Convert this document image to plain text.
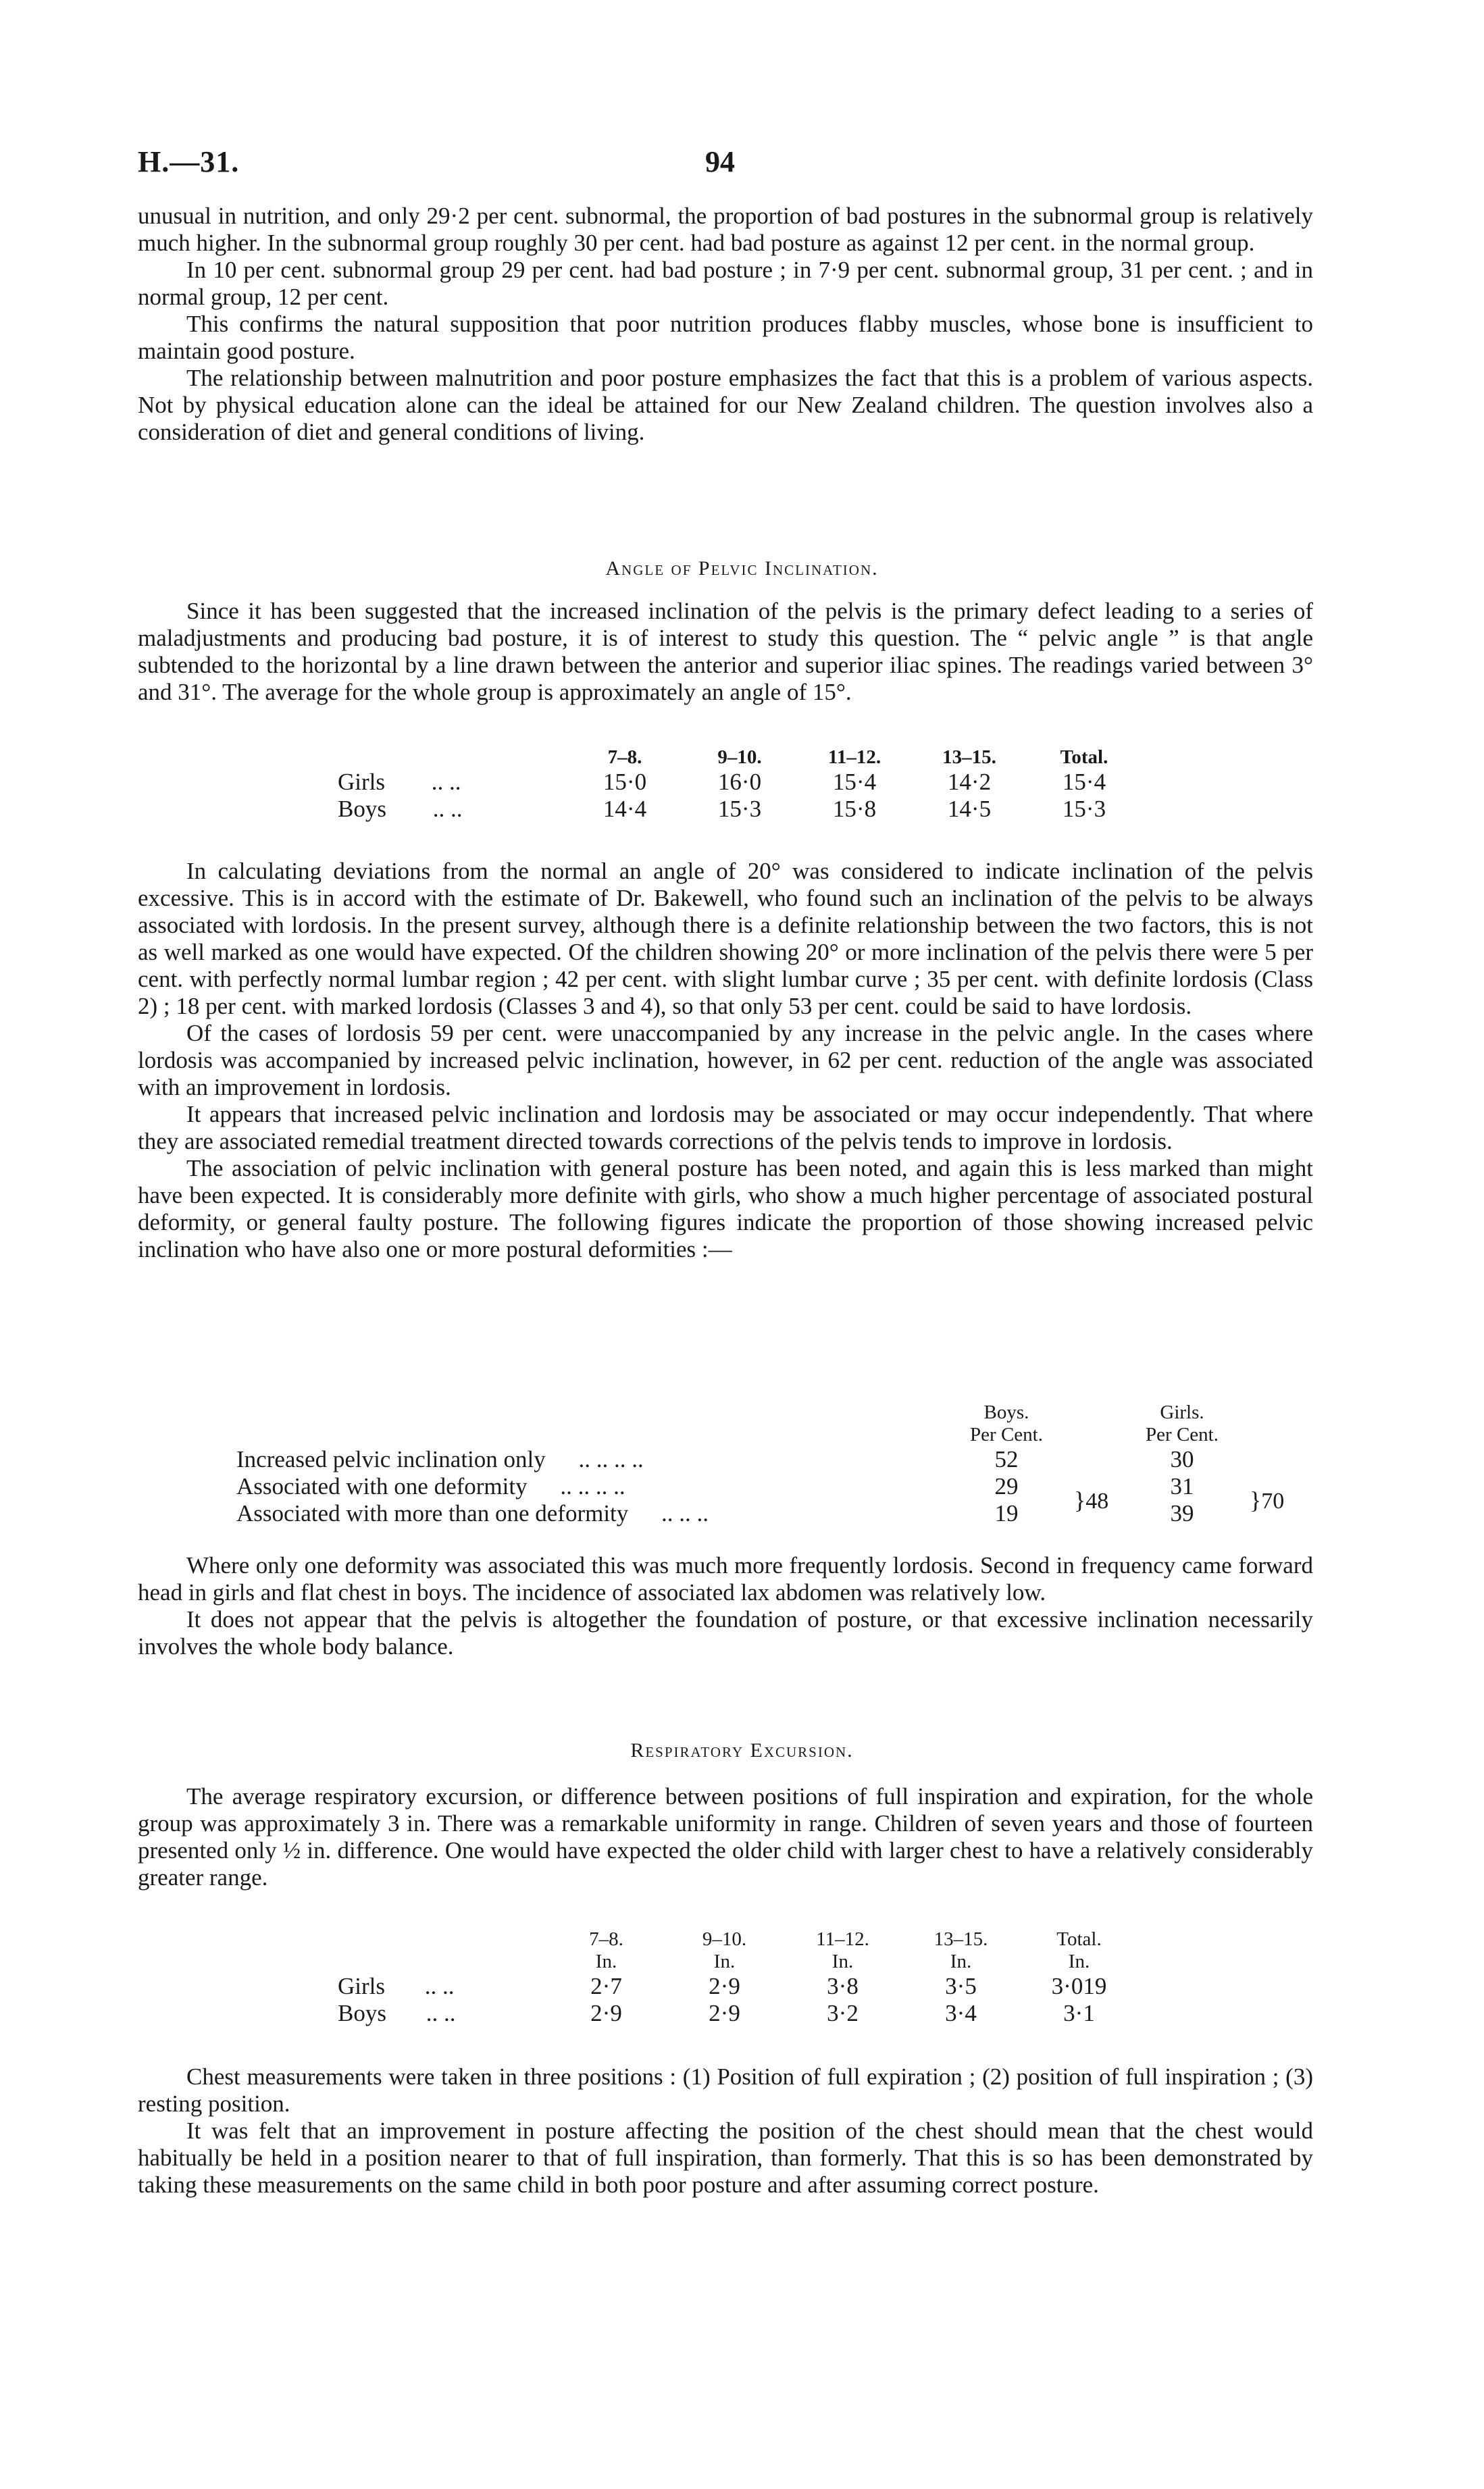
H.—31.	94

unusual in nutrition, and only 29·2 per cent. subnormal, the proportion of bad postures in the subnormal group is relatively much higher. In the subnormal group roughly 30 per cent. had bad posture as against 12 per cent. in the normal group.

In 10 per cent. subnormal group 29 per cent. had bad posture ; in 7·9 per cent. subnormal group, 31 per cent. ; and in normal group, 12 per cent.

This confirms the natural supposition that poor nutrition produces flabby muscles, whose bone is insufficient to maintain good posture.

The relationship between malnutrition and poor posture emphasizes the fact that this is a problem of various aspects. Not by physical education alone can the ideal be attained for our New Zealand children. The question involves also a consideration of diet and general conditions of living.

Angle of Pelvic Inclination.

Since it has been suggested that the increased inclination of the pelvis is the primary defect leading to a series of maladjustments and producing bad posture, it is of interest to study this question. The “ pelvic angle ” is that angle subtended to the horizontal by a line drawn between the anterior and superior iliac spines. The readings varied between 3° and 31°. The average for the whole group is approximately an angle of 15°.

	7–8.	9–10.	11–12.	13–15.	Total.
Girls .. ..	15·0	16·0	15·4	14·2	15·4
Boys .. ..	14·4	15·3	15·8	14·5	15·3

In calculating deviations from the normal an angle of 20° was considered to indicate inclination of the pelvis excessive. This is in accord with the estimate of Dr. Bakewell, who found such an inclination of the pelvis to be always associated with lordosis. In the present survey, although there is a definite relationship between the two factors, this is not as well marked as one would have expected. Of the children showing 20° or more inclination of the pelvis there were 5 per cent. with perfectly normal lumbar region ; 42 per cent. with slight lumbar curve ; 35 per cent. with definite lordosis (Class 2) ; 18 per cent. with marked lordosis (Classes 3 and 4), so that only 53 per cent. could be said to have lordosis.

Of the cases of lordosis 59 per cent. were unaccompanied by any increase in the pelvic angle. In the cases where lordosis was accompanied by increased pelvic inclination, however, in 62 per cent. reduction of the angle was associated with an improvement in lordosis.

It appears that increased pelvic inclination and lordosis may be associated or may occur independently. That where they are associated remedial treatment directed towards corrections of the pelvis tends to improve in lordosis.

The association of pelvic inclination with general posture has been noted, and again this is less marked than might have been expected. It is considerably more definite with girls, who show a much higher percentage of associated postural deformity, or general faulty posture. The following figures indicate the proportion of those showing increased pelvic inclination who have also one or more postural deformities :—

	Boys.		Girls.	
	Per Cent.		Per Cent.	
Increased pelvic inclination only .. .. .. ..	52		30	
Associated with one deformity .. .. .. ..	29	}48	31	}70
Associated with more than one deformity .. .. ..	19		39	

Where only one deformity was associated this was much more frequently lordosis. Second in frequency came forward head in girls and flat chest in boys. The incidence of associated lax abdomen was relatively low.

It does not appear that the pelvis is altogether the foundation of posture, or that excessive inclination necessarily involves the whole body balance.

Respiratory Excursion.

The average respiratory excursion, or difference between positions of full inspiration and expiration, for the whole group was approximately 3 in. There was a remarkable uniformity in range. Children of seven years and those of fourteen presented only ½ in. difference. One would have expected the older child with larger chest to have a relatively considerably greater range.

	7–8.	9–10.	11–12.	13–15.	Total.
	In.	In.	In.	In.	In.
Girls .. ..	2·7	2·9	3·8	3·5	3·019
Boys .. ..	2·9	2·9	3·2	3·4	3·1

Chest measurements were taken in three positions : (1) Position of full expiration ; (2) position of full inspiration ; (3) resting position.

It was felt that an improvement in posture affecting the position of the chest should mean that the chest would habitually be held in a position nearer to that of full inspiration, than formerly. That this is so has been demonstrated by taking these measurements on the same child in both poor posture and after assuming correct posture.
